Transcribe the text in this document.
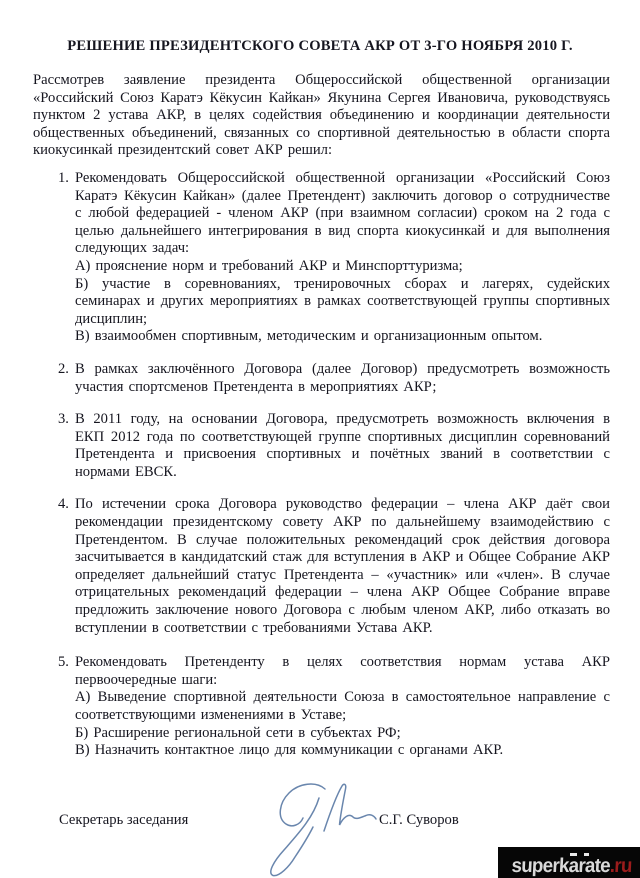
РЕШЕНИЕ ПРЕЗИДЕНТСКОГО СОВЕТА АКР ОТ 3-ГО НОЯБРЯ 2010 Г.

Рассмотрев заявление президента Общероссийской общественной организации «Российский Союз Каратэ Кёкусин Кайкан» Якунина Сергея Ивановича, руководствуясь пунктом 2 устава АКР, в целях содействия объединению и координации деятельности общественных объединений, связанных со спортивной деятельностью в области спорта киокусинкай президентский совет АКР решил:

1. Рекомендовать Общероссийской общественной организации «Российский Союз Каратэ Кёкусин Кайкан» (далее Претендент) заключить договор о сотрудничестве с любой федерацией - членом АКР (при взаимном согласии) сроком на 2 года с целью дальнейшего интегрирования в вид спорта киокусинкай и для выполнения следующих задач:

А) прояснение норм и требований АКР и Минспорттуризма;

Б) участие в соревнованиях, тренировочных сборах и лагерях, судейских семинарах и других мероприятиях в рамках соответствующей группы спортивных дисциплин;

В) взаимообмен спортивным, методическим и организационным опытом.

2. В рамках заключённого Договора (далее Договор) предусмотреть возможность участия спортсменов Претендента в мероприятиях АКР;

3. В 2011 году, на основании Договора, предусмотреть возможность включения в ЕКП 2012 года по соответствующей группе спортивных дисциплин соревнований Претендента и присвоения спортивных и почётных званий в соответствии с нормами ЕВСК.

4. По истечении срока Договора руководство федерации – члена АКР даёт свои рекомендации президентскому совету АКР по дальнейшему взаимодействию с Претендентом. В случае положительных рекомендаций срок действия договора засчитывается в кандидатский стаж для вступления в АКР и Общее Собрание АКР определяет дальнейший статус Претендента – «участник» или «член». В случае отрицательных рекомендаций федерации – члена АКР Общее Собрание вправе предложить заключение нового Договора с любым членом АКР, либо отказать во вступлении в соответствии с требованиями Устава АКР.

5. Рекомендовать Претенденту в целях соответствия нормам устава АКР первоочередные шаги:

А) Выведение спортивной деятельности Союза в самостоятельное направление с соответствующими изменениями в Уставе;

Б) Расширение региональной сети в субъектах РФ;

В) Назначить контактное лицо для коммуникации с органами АКР.

Секретарь заседания	С.Г. Суворов
superkarate.ru
